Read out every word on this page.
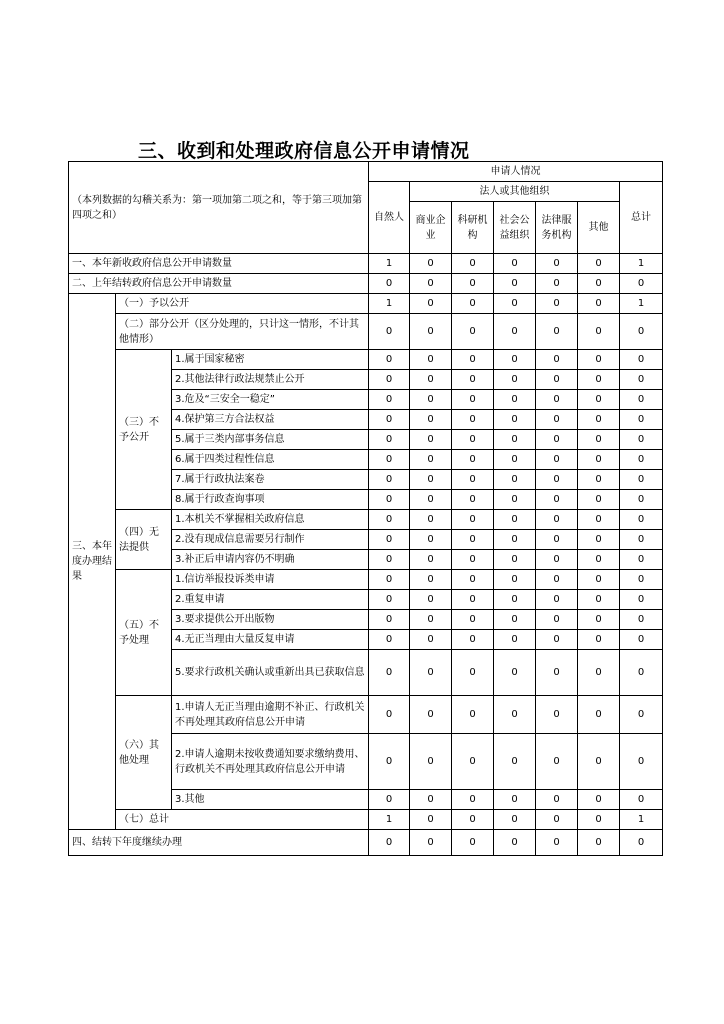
三、收到和处理政府信息公开申请情况
（本列数据的勾稽关系为：第一项加第二项之和，等于第三项加第四项之和）			申请人情况						
			自然人	法人或其他组织					总计
				商业企业	科研机构	社会公益组织	法律服务机构	其他	
一、本年新收政府信息公开申请数量			1	0	0	0	0	0	1
二、上年结转政府信息公开申请数量			0	0	0	0	0	0	0
三、本年度办理结果	（一）予以公开		1	0	0	0	0	0	1
	（二）部分公开（区分处理的，只计这一情形，不计其他情形）		0	0	0	0	0	0	0
	（三）不予公开	1.属于国家秘密	0	0	0	0	0	0	0
		2.其他法律行政法规禁止公开	0	0	0	0	0	0	0
		3.危及“三安全一稳定”	0	0	0	0	0	0	0
		4.保护第三方合法权益	0	0	0	0	0	0	0
		5.属于三类内部事务信息	0	0	0	0	0	0	0
		6.属于四类过程性信息	0	0	0	0	0	0	0
		7.属于行政执法案卷	0	0	0	0	0	0	0
		8.属于行政查询事项	0	0	0	0	0	0	0
	（四）无法提供	1.本机关不掌握相关政府信息	0	0	0	0	0	0	0
		2.没有现成信息需要另行制作	0	0	0	0	0	0	0
		3.补正后申请内容仍不明确	0	0	0	0	0	0	0
	（五）不予处理	1.信访举报投诉类申请	0	0	0	0	0	0	0
		2.重复申请	0	0	0	0	0	0	0
		3.要求提供公开出版物	0	0	0	0	0	0	0
		4.无正当理由大量反复申请	0	0	0	0	0	0	0
		5.要求行政机关确认或重新出具已获取信息	0	0	0	0	0	0	0
	（六）其他处理	1.申请人无正当理由逾期不补正、行政机关不再处理其政府信息公开申请	0	0	0	0	0	0	0
		2.申请人逾期未按收费通知要求缴纳费用、行政机关不再处理其政府信息公开申请	0	0	0	0	0	0	0
		3.其他	0	0	0	0	0	0	0
	（七）总计		1	0	0	0	0	0	1
四、结转下年度继续办理			0	0	0	0	0	0	0
